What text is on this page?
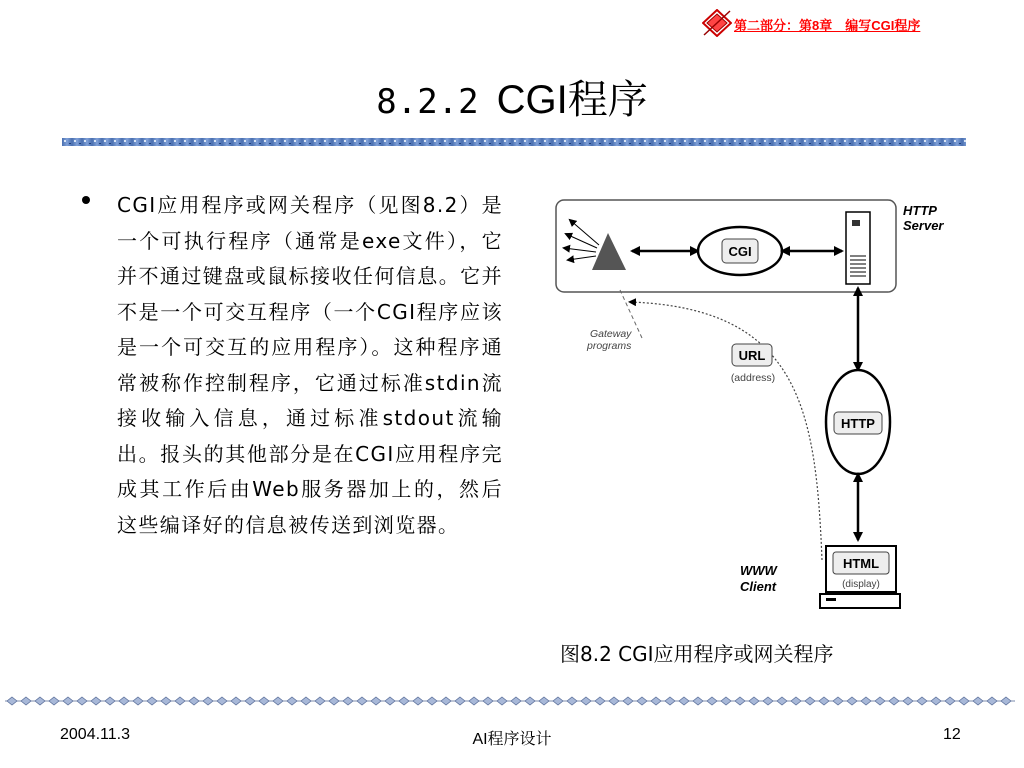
第二部分：第8章　编写CGI程序
8.2.2 CGI程序
CGI应用程序或网关程序（见图8.2）是一个可执行程序（通常是exe文件），它并不通过键盘或鼠标接收任何信息。它并不是一个可交互程序（一个CGI程序应该是一个可交互的应用程序）。这种程序通常被称作控制程序，它通过标准stdin流接收输入信息，通过标准stdout流输出。报头的其他部分是在CGI应用程序完成其工作后由Web服务器加上的，然后这些编译好的信息被传送到浏览器。
CGI
HTTP
Server
Gateway
programs
URL
(address)
HTTP
HTML
(display)
WWW
Client
图8.2 CGI应用程序或网关程序
2004.11.3	AI程序设计	12
